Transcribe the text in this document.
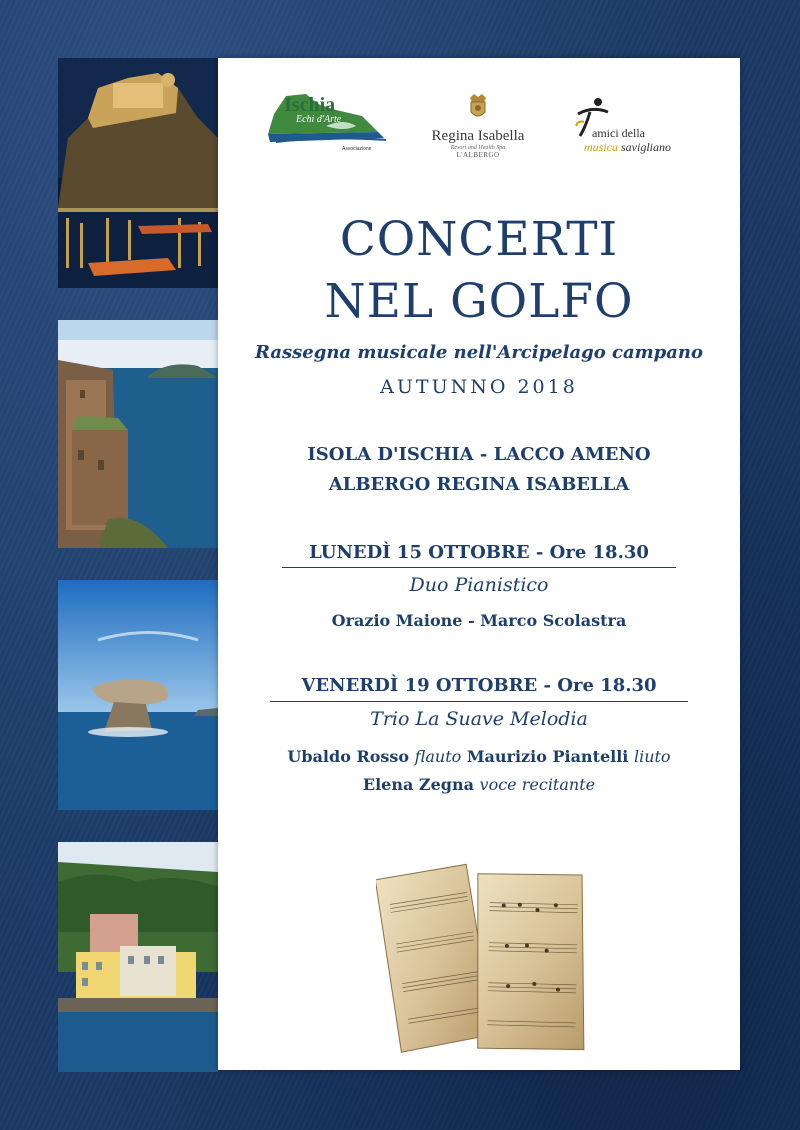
Ischia
Echi d'Arte
Associazione
Regina Isabella
Resort and Health Spa
L'ALBERGO
amici della
musica savigliano
CONCERTI
NEL GOLFO
Rassegna musicale nell'Arcipelago campano
AUTUNNO 2018
ISOLA D'ISCHIA - LACCO AMENO
ALBERGO REGINA ISABELLA
LUNEDÌ 15 OTTOBRE - Ore 18.30
Duo Pianistico
Orazio Maione - Marco Scolastra
VENERDÌ 19 OTTOBRE - Ore 18.30
Trio La Suave Melodia
Ubaldo Rosso flauto Maurizio Piantelli liuto
Elena Zegna voce recitante
